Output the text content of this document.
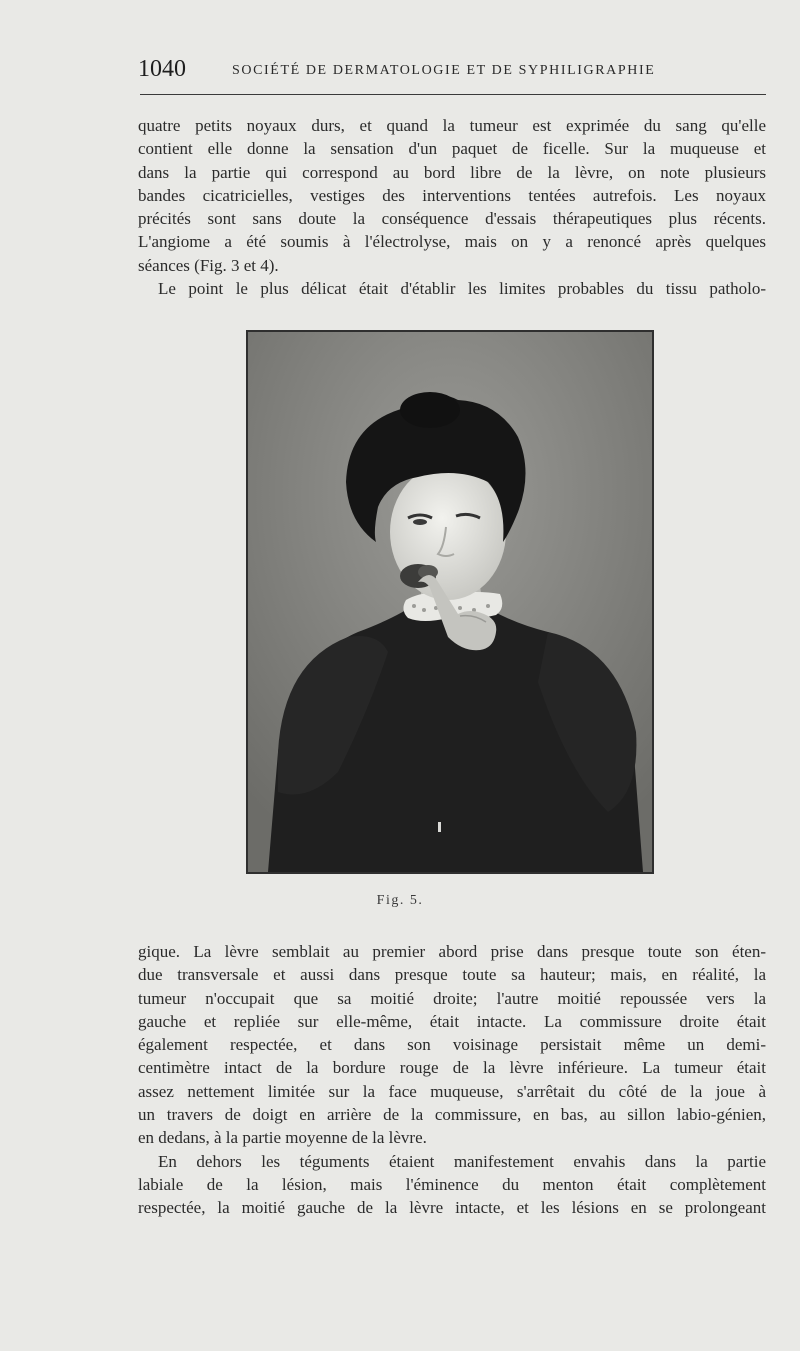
1040	SOCIÉTÉ DE DERMATOLOGIE ET DE SYPHILIGRAPHIE
quatre petits noyaux durs, et quand la tumeur est exprimée du sang qu'elle
contient elle donne la sensation d'un paquet de ficelle. Sur la muqueuse et
dans la partie qui correspond au bord libre de la lèvre, on note plusieurs
bandes cicatricielles, vestiges des interventions tentées autrefois. Les noyaux
précités sont sans doute la conséquence d'essais thérapeutiques plus récents.
L'angiome a été soumis à l'électrolyse, mais on y a renoncé après quelques
séances (Fig. 3 et 4).
Le point le plus délicat était d'établir les limites probables du tissu patholo-
Fig. 5.
gique. La lèvre semblait au premier abord prise dans presque toute son éten-
due transversale et aussi dans presque toute sa hauteur; mais, en réalité, la
tumeur n'occupait que sa moitié droite; l'autre moitié repoussée vers la
gauche et repliée sur elle-même, était intacte. La commissure droite était
également respectée, et dans son voisinage persistait même un demi-
centimètre intact de la bordure rouge de la lèvre inférieure. La tumeur était
assez nettement limitée sur la face muqueuse, s'arrêtait du côté de la joue à
un travers de doigt en arrière de la commissure, en bas, au sillon labio-génien,
en dedans, à la partie moyenne de la lèvre.
En dehors les téguments étaient manifestement envahis dans la partie
labiale de la lésion, mais l'éminence du menton était complètement
respectée, la moitié gauche de la lèvre intacte, et les lésions en se prolongeant
